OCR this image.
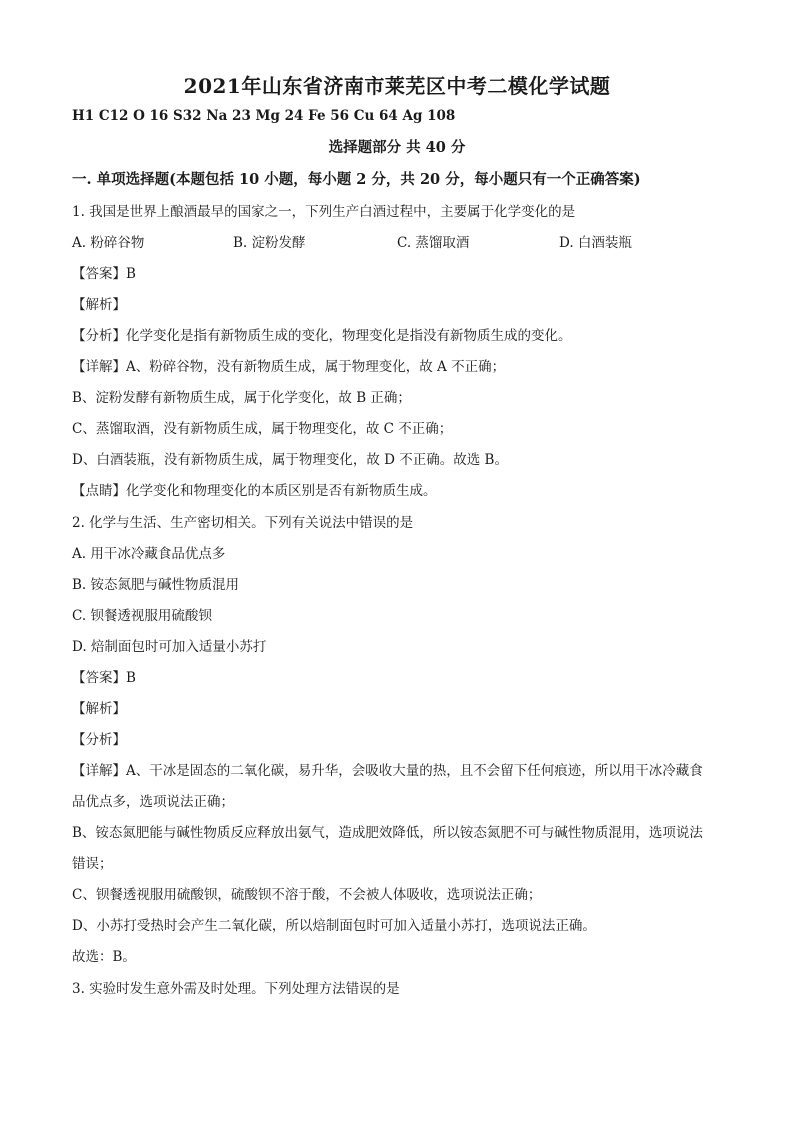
2021年山东省济南市莱芜区中考二模化学试题
H1 C12 O 16 S32 Na 23 Mg 24 Fe 56 Cu 64 Ag 108
选择题部分 共 40 分
一. 单项选择题(本题包括 10 小题，每小题 2 分，共 20 分，每小题只有一个正确答案)
1. 我国是世界上酿酒最早的国家之一，下列生产白酒过程中，主要属于化学变化的是
A. 粉碎谷物	B. 淀粉发酵	C. 蒸馏取酒	D. 白酒装瓶
【答案】B
【解析】
【分析】化学变化是指有新物质生成的变化，物理变化是指没有新物质生成的变化。
【详解】A、粉碎谷物，没有新物质生成，属于物理变化，故 A 不正确；
B、淀粉发酵有新物质生成，属于化学变化，故 B 正确；
C、蒸馏取酒，没有新物质生成，属于物理变化，故 C 不正确；
D、白酒装瓶，没有新物质生成，属于物理变化，故 D 不正确。故选 B。
【点睛】化学变化和物理变化的本质区别是否有新物质生成。
2. 化学与生活、生产密切相关。下列有关说法中错误的是
A. 用干冰冷藏食品优点多
B. 铵态氮肥与碱性物质混用
C. 钡餐透视服用硫酸钡
D. 焙制面包时可加入适量小苏打
【答案】B
【解析】
【分析】
【详解】A、干冰是固态的二氧化碳，易升华，会吸收大量的热，且不会留下任何痕迹，所以用干冰冷藏食
品优点多，选项说法正确；
B、铵态氮肥能与碱性物质反应释放出氨气，造成肥效降低，所以铵态氮肥不可与碱性物质混用，选项说法
错误；
C、钡餐透视服用硫酸钡，硫酸钡不溶于酸，不会被人体吸收，选项说法正确；
D、小苏打受热时会产生二氧化碳，所以焙制面包时可加入适量小苏打，选项说法正确。
故选：B。
3. 实验时发生意外需及时处理。下列处理方法错误的是
